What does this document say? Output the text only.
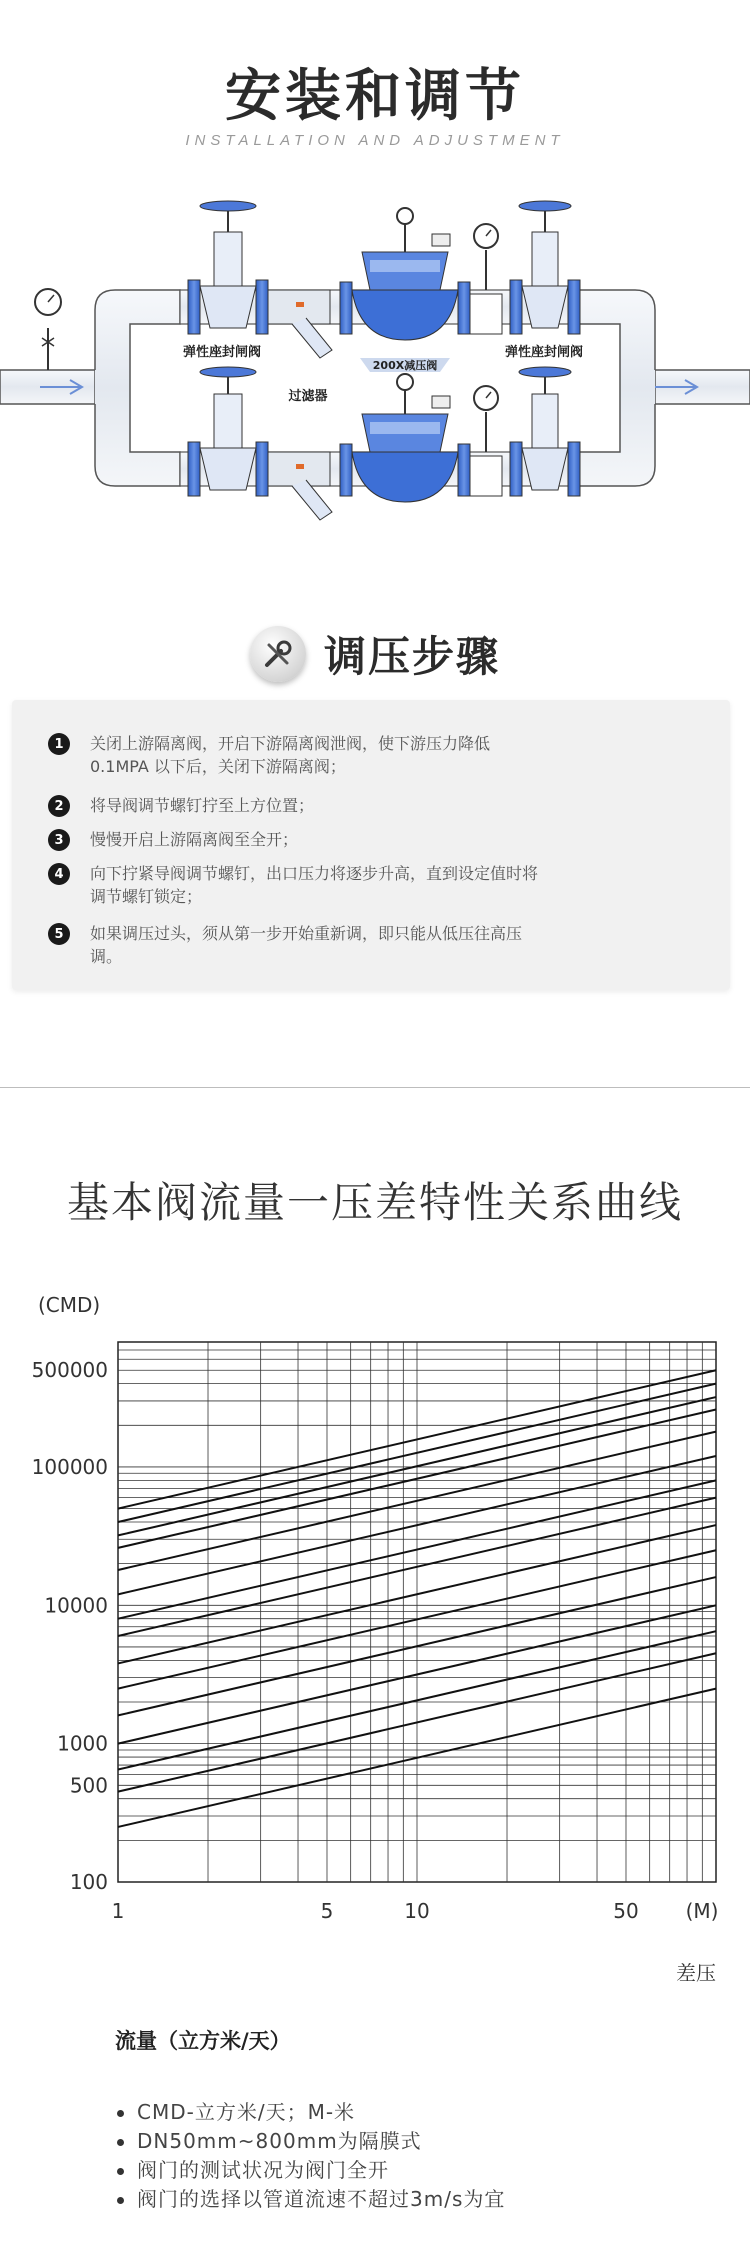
安装和调节
INSTALLATION AND ADJUSTMENT
弹性座封闸阀	弹性座封闸阀
200X减压阀
过滤器
调压步骤
1	关闭上游隔离阀，开启下游隔离阀泄阀，使下游压力降低0.1MPA 以下后，关闭下游隔离阀；
2	将导阀调节螺钉拧至上方位置；
3	慢慢开启上游隔离阀至全开；
4	向下拧紧导阀调节螺钉，出口压力将逐步升高，直到设定值时将调节螺钉锁定；
5	如果调压过头，须从第一步开始重新调，即只能从低压往高压调。
基本阀流量一压差特性关系曲线
(CMD)
(M)
差压
1	5	10	50
100
500
1000
10000
100000
500000
流量（立方米/天）
CMD-立方米/天；M-米
DN50mm~800mm为隔膜式
阀门的测试状况为阀门全开
阀门的选择以管道流速不超过3m/s为宜
